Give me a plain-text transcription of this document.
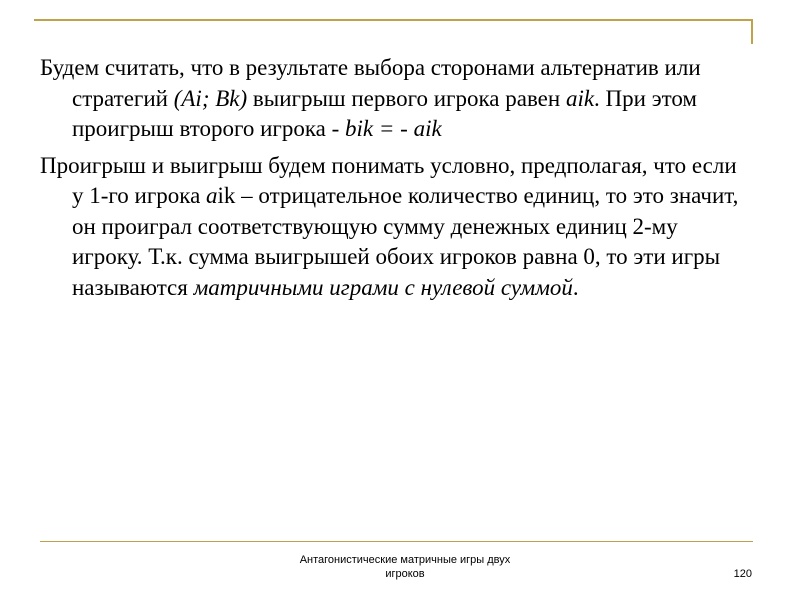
Будем считать, что в результате выбора сторонами альтернатив или стратегий (Ai; Bk) выигрыш первого игрока равен aik. При этом проигрыш второго игрока - bik = - aik

Проигрыш и выигрыш будем понимать условно, предполагая, что если у 1-го игрока aik – отрицательное количество единиц, то это значит, он проиграл соответствующую сумму денежных единиц 2-му игроку. Т.к. сумма выигрышей обоих игроков равна 0, то эти игры называются матричными играми с нулевой суммой.

Антагонистические матричные игры двух
игроков	120
